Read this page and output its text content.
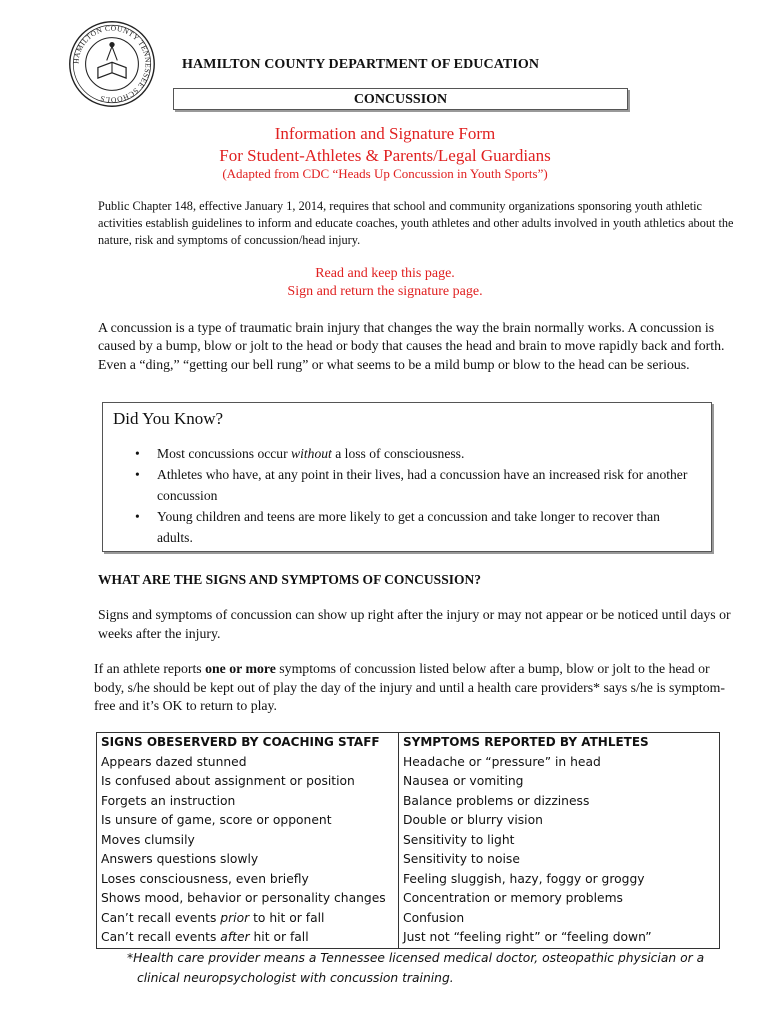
HAMILTON COUNTY TENNESSEE SCHOOLS
HAMILTON COUNTY DEPARTMENT OF EDUCATION
CONCUSSION
Information and Signature Form
For Student-Athletes & Parents/Legal Guardians
(Adapted from CDC “Heads Up Concussion in Youth Sports”)
Public Chapter 148, effective January 1, 2014, requires that school and community organizations sponsoring youth athletic activities establish guidelines to inform and educate coaches, youth athletes and other adults involved in youth athletics about the nature, risk and symptoms of concussion/head injury.
Read and keep this page.
Sign and return the signature page.
A concussion is a type of traumatic brain injury that changes the way the brain normally works. A concussion is caused by a bump, blow or jolt to the head or body that causes the head and brain to move rapidly back and forth. Even a “ding,” “getting our bell rung” or what seems to be a mild bump or blow to the head can be serious.
Did You Know?
• Most concussions occur without a loss of consciousness.
• Athletes who have, at any point in their lives, had a concussion have an increased risk for another concussion
• Young children and teens are more likely to get a concussion and take longer to recover than adults.
WHAT ARE THE SIGNS AND SYMPTOMS OF CONCUSSION?
Signs and symptoms of concussion can show up right after the injury or may not appear or be noticed until days or weeks after the injury.
If an athlete reports one or more symptoms of concussion listed below after a bump, blow or jolt to the head or body, s/he should be kept out of play the day of the injury and until a health care providers* says s/he is symptom-free and it’s OK to return to play.
SIGNS OBESERVERD BY COACHING STAFF	SYMPTOMS REPORTED BY ATHLETES
Appears dazed stunned	Headache or “pressure” in head
Is confused about assignment or position	Nausea or vomiting
Forgets an instruction	Balance problems or dizziness
Is unsure of game, score or opponent	Double or blurry vision
Moves clumsily	Sensitivity to light
Answers questions slowly	Sensitivity to noise
Loses consciousness, even briefly	Feeling sluggish, hazy, foggy or groggy
Shows mood, behavior or personality changes	Concentration or memory problems
Can’t recall events prior to hit or fall	Confusion
Can’t recall events after hit or fall	Just not “feeling right” or “feeling down”
*Health care provider means a Tennessee licensed medical doctor, osteopathic physician or a
clinical neuropsychologist with concussion training.
